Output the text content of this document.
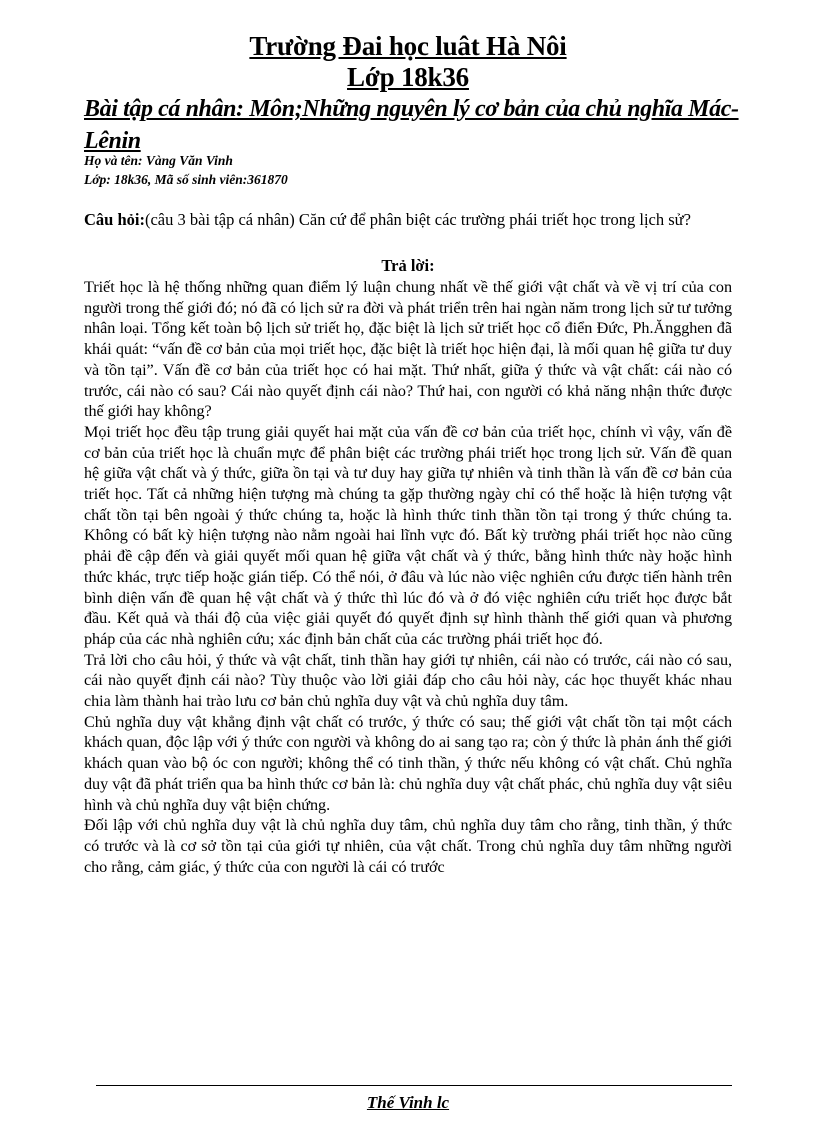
Trường Đai học luât Hà Nôi
Lớp 18k36
Bài tập cá nhân: Môn;Những nguyên lý cơ bản của chủ nghĩa Mác-Lênin
Họ và tên: Vàng Văn Vinh
Lớp: 18k36, Mã số sinh viên:361870
Câu hỏi:(câu 3 bài tập cá nhân) Căn cứ để phân biệt các trường phái triết học trong lịch sử?
Trả lời:

Triết học là hệ thống những quan điểm lý luận chung nhất về thế giới vật chất và về vị trí của con người trong thế giới đó; nó đã có lịch sử ra đời và phát triển trên hai ngàn năm trong lịch sử tư tưởng nhân loại. Tổng kết toàn bộ lịch sử triết họ, đặc biệt là lịch sử triết học cổ điển Đức, Ph.Ăngghen đã khái quát: “vấn đề cơ bản của mọi triết học, đặc biệt là triết học hiện đại, là mối quan hệ giữa tư duy và tồn tại”. Vấn đề cơ bản của triết học có hai mặt. Thứ nhất, giữa ý thức và vật chất: cái nào có trước, cái nào có sau? Cái nào quyết định cái nào? Thứ hai, con người có khả năng nhận thức được thế giới hay không?

Mọi triết học đều tập trung giải quyết hai mặt của vấn đề cơ bản của triết học, chính vì vậy, vấn đề cơ bản của triết học là chuẩn mực để phân biệt các trường phái triết học trong lịch sử. Vấn đề quan hệ giữa vật chất và ý thức, giữa ồn tại và tư duy hay giữa tự nhiên và tinh thần là vấn đề cơ bản của triết học. Tất cả những hiện tượng mà chúng ta gặp thường ngày chỉ có thể hoặc là hiện tượng vật chất tồn tại bên ngoài ý thức chúng ta, hoặc là hình thức tinh thần tồn tại trong ý thức chúng ta. Không có bất kỳ hiện tượng nào nằm ngoài hai lĩnh vực đó. Bất kỳ trường phái triết học nào cũng phải đề cập đến và giải quyết mối quan hệ giữa vật chất và ý thức, bằng hình thức này hoặc hình thức khác, trực tiếp hoặc gián tiếp. Có thể nói, ở đâu và lúc nào việc nghiên cứu được tiến hành trên bình diện vấn đề quan hệ vật chất và ý thức thì lúc đó và ở đó việc nghiên cứu triết học được bắt đầu. Kết quả và thái độ của việc giải quyết đó quyết định sự hình thành thế giới quan và phương pháp của các nhà nghiên cứu; xác định bản chất của các trường phái triết học đó.

Trả lời cho câu hỏi, ý thức và vật chất, tinh thần hay giới tự nhiên, cái nào có trước, cái nào có sau, cái nào quyết định cái nào? Tùy thuộc vào lời giải đáp cho câu hỏi này, các học thuyết khác nhau chia làm thành hai trào lưu cơ bản chủ nghĩa duy vật và chủ nghĩa duy tâm.

Chủ nghĩa duy vật khẳng định vật chất có trước, ý thức có sau; thế giới vật chất tồn tại một cách khách quan, độc lập với ý thức con người và không do ai sang tạo ra; còn ý thức là phản ánh thế giới khách quan vào bộ óc con người; không thể có tinh thần, ý thức nếu không có vật chất. Chủ nghĩa duy vật đã phát triển qua ba hình thức cơ bản là: chủ nghĩa duy vật chất phác, chủ nghĩa duy vật siêu hình và chủ nghĩa duy vật biện chứng.

Đối lập với chủ nghĩa duy vật là chủ nghĩa duy tâm, chủ nghĩa duy tâm cho rằng, tinh thần, ý thức có trước và là cơ sở tồn tại của giới tự nhiên, của vật chất. Trong chủ nghĩa duy tâm những người cho rằng, cảm giác, ý thức của con người là cái có trước

Thế Vinh lc
